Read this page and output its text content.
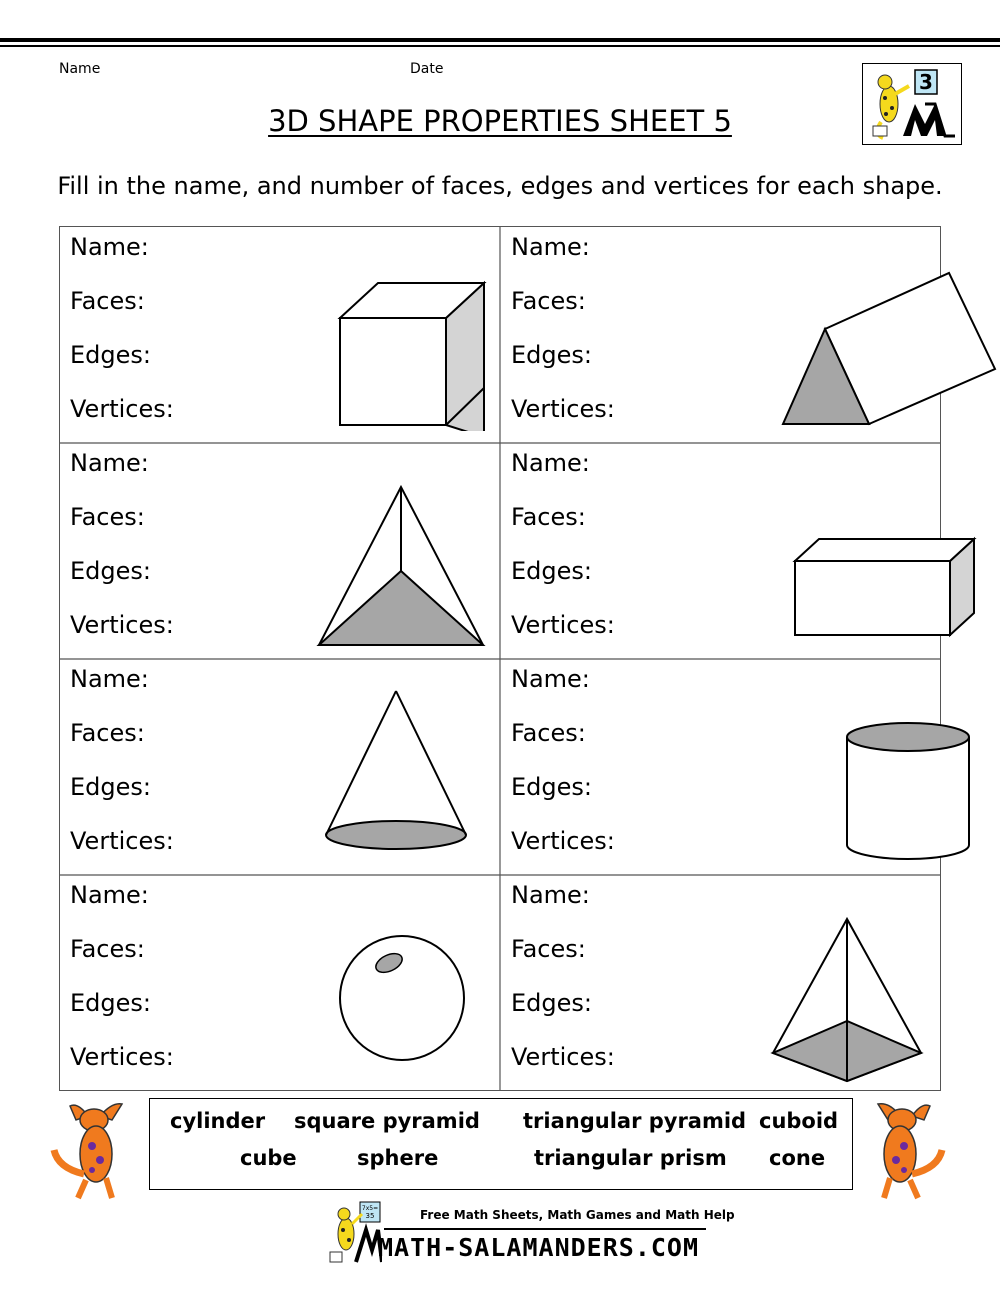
Name	Date
3
3D SHAPE PROPERTIES SHEET 5
Fill in the name, and number of faces, edges and vertices for each shape.
Name:
Faces:
Edges:
Vertices:
Name:
Faces:
Edges:
Vertices:
Name:
Faces:
Edges:
Vertices:
Name:
Faces:
Edges:
Vertices:
Name:
Faces:
Edges:
Vertices:
Name:
Faces:
Edges:
Vertices:
Name:
Faces:
Edges:
Vertices:
Name:
Faces:
Edges:
Vertices:
cylinder square pyramid triangular pyramid cuboid
cube	sphere	triangular prism cone
7x5=
35	Free Math Sheets, Math Games and Math Help
MATH-SALAMANDERS.COM
